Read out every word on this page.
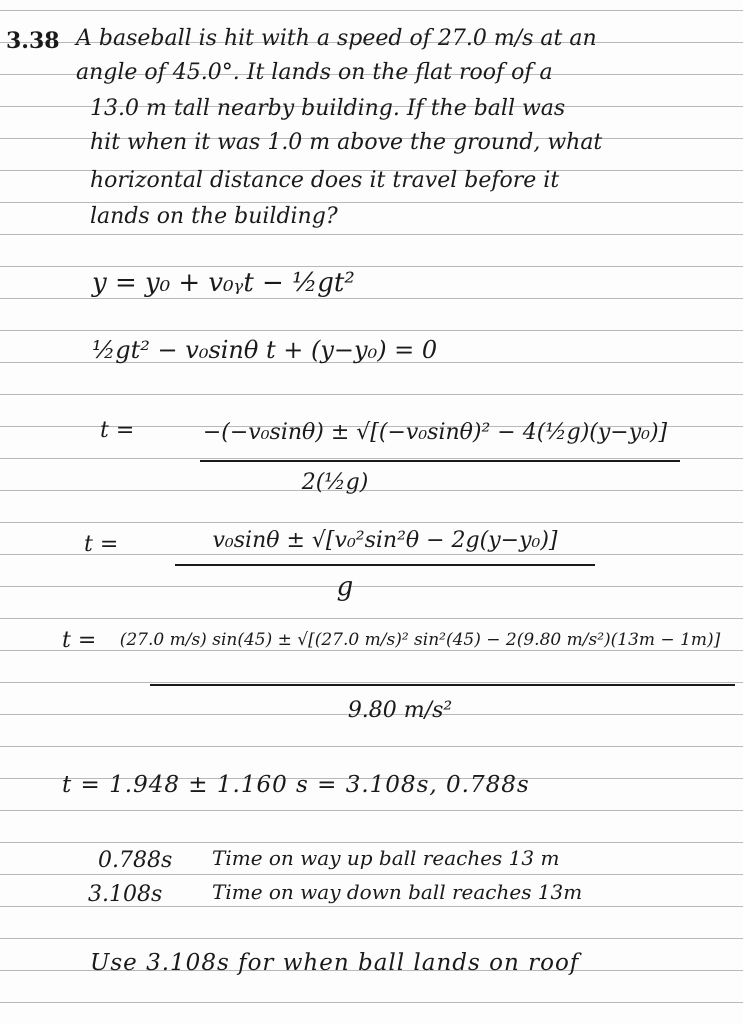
3.38 A baseball is hit with a speed of 27.0 m/s at an
angle of 45.0°. It lands on the flat roof of a
13.0 m tall nearby building. If the ball was
hit when it was 1.0 m above the ground, what
horizontal distance does it travel before it
lands on the building?
y = y₀ + v₀ᵧt − ½gt²
½gt² − v₀sinθ t + (y−y₀) = 0
t =	−(−v₀sinθ) ± √[(−v₀sinθ)² − 4(½g)(y−y₀)]
2(½g)
t =	v₀sinθ ± √[v₀²sin²θ − 2g(y−y₀)]
g
t =	(27.0 m/s) sin(45) ± √[(27.0 m/s)² sin²(45) − 2(9.80 m/s²)(13m − 1m)]
9.80 m/s²
t = 1.948 ± 1.160 s = 3.108s, 0.788s
0.788s Time on way up ball reaches 13 m
3.108s Time on way down ball reaches 13m
Use 3.108s for when ball lands on roof
